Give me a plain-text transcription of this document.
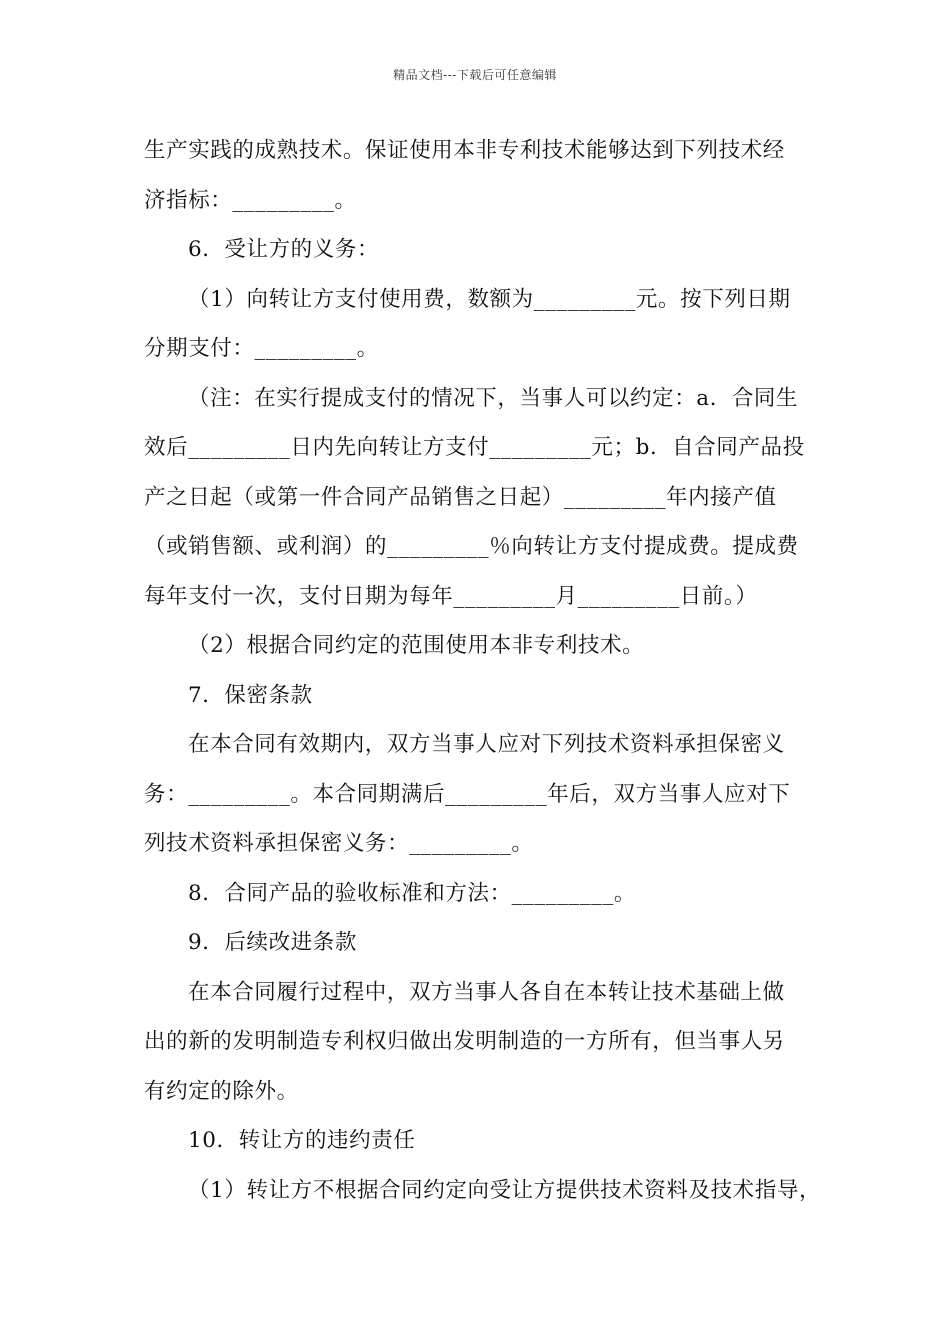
精品文档---下载后可任意编辑
生产实践的成熟技术。保证使用本非专利技术能够达到下列技术经
济指标：_________。
6．受让方的义务：
（1）向转让方支付使用费，数额为_________元。按下列日期
分期支付：_________。
（注：在实行提成支付的情况下，当事人可以约定：a．合同生
效后_________日内先向转让方支付_________元；b．自合同产品投
产之日起（或第一件合同产品销售之日起）_________年内接产值
（或销售额、或利润）的_________％向转让方支付提成费。提成费
每年支付一次，支付日期为每年_________月_________日前。）
（2）根据合同约定的范围使用本非专利技术。
7．保密条款
在本合同有效期内，双方当事人应对下列技术资料承担保密义
务：_________。本合同期满后_________年后，双方当事人应对下
列技术资料承担保密义务：_________。
8．合同产品的验收标准和方法：_________。
9．后续改进条款
在本合同履行过程中，双方当事人各自在本转让技术基础上做
出的新的发明制造专利权归做出发明制造的一方所有，但当事人另
有约定的除外。
10．转让方的违约责任
（1）转让方不根据合同约定向受让方提供技术资料及技术指导，
